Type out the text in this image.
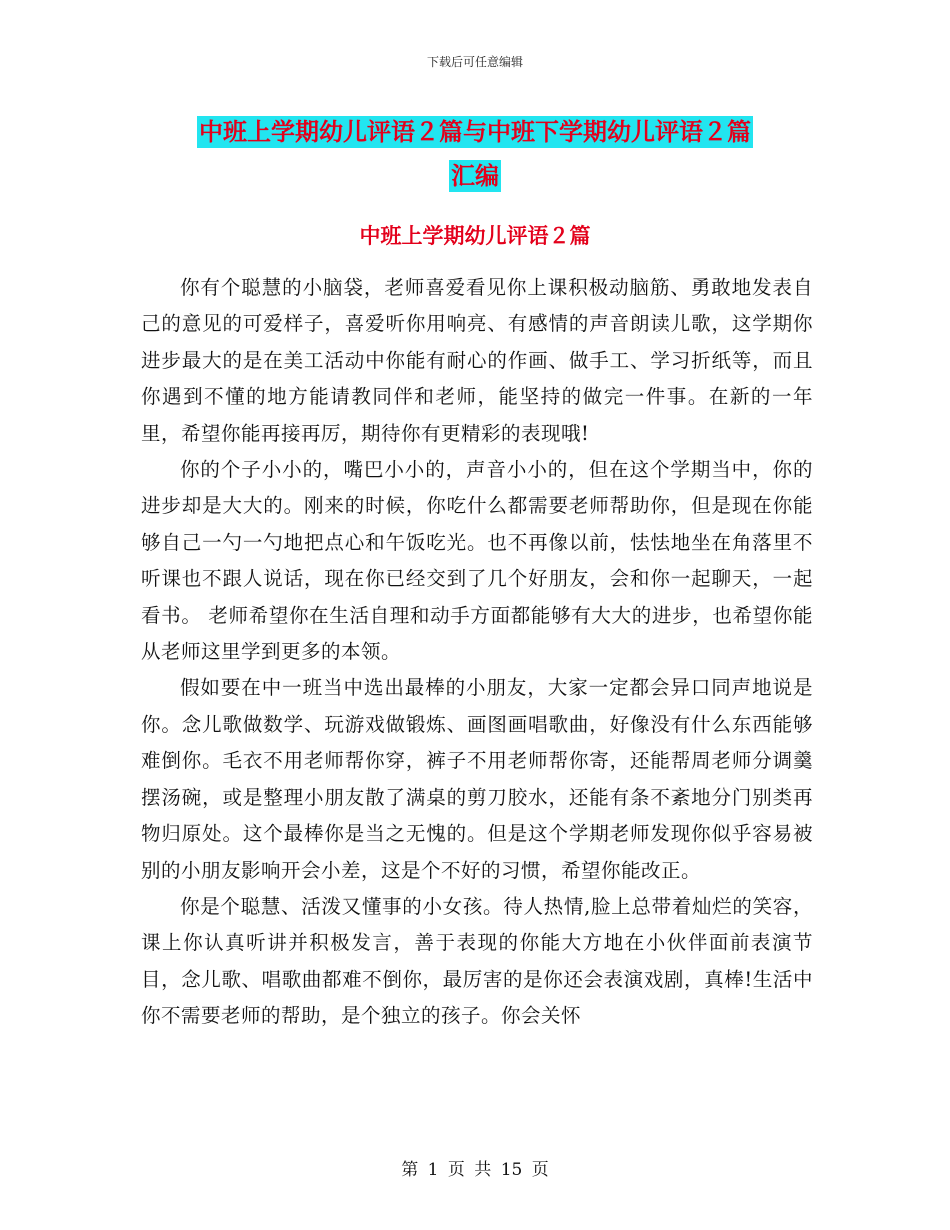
下载后可任意编辑
中班上学期幼儿评语２篇与中班下学期幼儿评语２篇
汇编
中班上学期幼儿评语２篇

你有个聪慧的小脑袋，老师喜爱看见你上课积极动脑筋、勇敢地发表自己的意见的可爱样子，喜爱听你用响亮、有感情的声音朗读儿歌，这学期你进步最大的是在美工活动中你能有耐心的作画、做手工、学习折纸等，而且你遇到不懂的地方能请教同伴和老师，能坚持的做完一件事。在新的一年里，希望你能再接再厉，期待你有更精彩的表现哦!

你的个子小小的，嘴巴小小的，声音小小的，但在这个学期当中，你的进步却是大大的。刚来的时候，你吃什么都需要老师帮助你，但是现在你能够自己一勺一勺地把点心和午饭吃光。也不再像以前，怯怯地坐在角落里不听课也不跟人说话，现在你已经交到了几个好朋友，会和你一起聊天，一起看书。 老师希望你在生活自理和动手方面都能够有大大的进步，也希望你能从老师这里学到更多的本领。

假如要在中一班当中选出最棒的小朋友，大家一定都会异口同声地说是你。念儿歌做数学、玩游戏做锻炼、画图画唱歌曲，好像没有什么东西能够难倒你。毛衣不用老师帮你穿，裤子不用老师帮你寄，还能帮周老师分调羹摆汤碗，或是整理小朋友散了满桌的剪刀胶水，还能有条不紊地分门别类再物归原处。这个最棒你是当之无愧的。但是这个学期老师发现你似乎容易被别的小朋友影响开会小差，这是个不好的习惯，希望你能改正。

你是个聪慧、活泼又懂事的小女孩。待人热情,脸上总带着灿烂的笑容，课上你认真听讲并积极发言，善于表现的你能大方地在小伙伴面前表演节目，念儿歌、唱歌曲都难不倒你，最厉害的是你还会表演戏剧，真棒!生活中你不需要老师的帮助，是个独立的孩子。你会关怀

第 1 页 共 15 页
